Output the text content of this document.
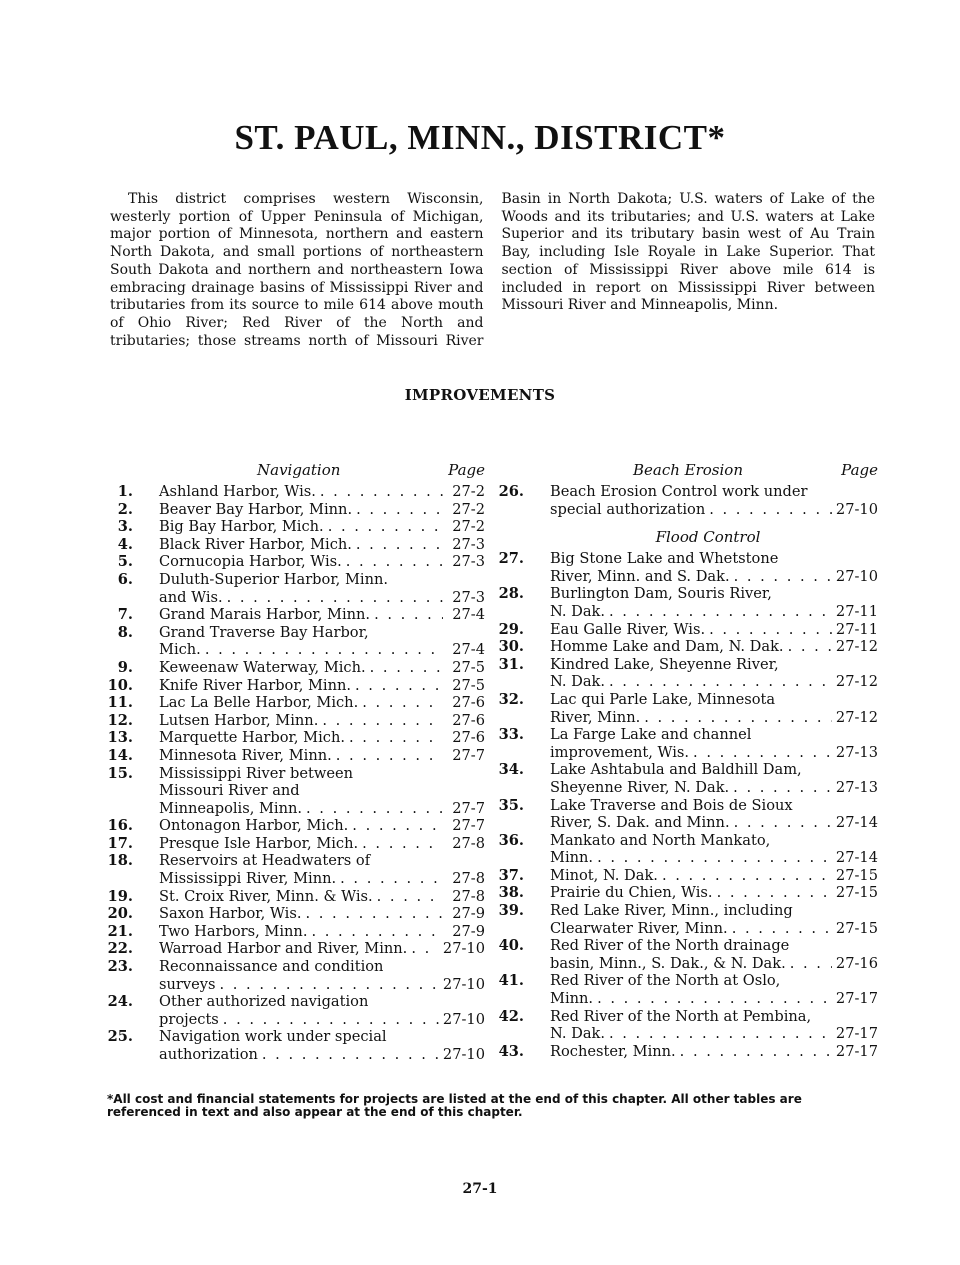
ST. PAUL, MINN., DISTRICT*

This district comprises western Wisconsin, westerly portion of Upper Peninsula of Michigan, major portion of Minnesota, northern and eastern North Dakota, and small portions of northeastern South Dakota and northern and northeastern Iowa embracing drainage basins of Mississippi River and tributaries from its source to mile 614 above mouth of Ohio River; Red River of the North and tributaries; those streams north of Missouri River Basin in North Dakota; U.S. waters of Lake of the Woods and its tributaries; and U.S. waters at Lake Superior and its tributary basin west of Au Train Bay, including Isle Royale in Lake Superior. That section of Mississippi River above mile 614 is included in report on Mississippi River between Missouri River and Minneapolis, Minn.

IMPROVEMENTS
Navigation	Page
1. Ashland Harbor, Wis. . . .	27-2
2. Beaver Bay Harbor, Minn. . . .	27-2
3. Big Bay Harbor, Mich. . . .	27-2
4. Black River Harbor, Mich. . . .	27-3
5. Cornucopia Harbor, Wis. . . .	27-3
6. Duluth-Superior Harbor, Minn.
and Wis. . . .	27-3
7. Grand Marais Harbor, Minn. . . .	27-4
8. Grand Traverse Bay Harbor,
Mich. . . .	27-4
9. Keweenaw Waterway, Mich. . . .	27-5
10. Knife River Harbor, Minn. . . .	27-5
11. Lac La Belle Harbor, Mich. . . .	27-6
12. Lutsen Harbor, Minn. . . .	27-6
13. Marquette Harbor, Mich. . . .	27-6
14. Minnesota River, Minn. . . .	27-7
15. Mississippi River between
Missouri River and
Minneapolis, Minn. . . .	27-7
16. Ontonagon Harbor, Mich. . . .	27-7
17. Presque Isle Harbor, Mich. . . .	27-8
18. Reservoirs at Headwaters of
Mississippi River, Minn. . . .	27-8
19. St. Croix River, Minn. & Wis. . . .	27-8
20. Saxon Harbor, Wis. . . .	27-9
21. Two Harbors, Minn. . . .	27-9
22. Warroad Harbor and River, Minn. . . . 27-10
23. Reconnaissance and condition
surveys . . .	27-10
24. Other authorized navigation
projects . . .	27-10
25. Navigation work under special
authorization . . .	27-10
Beach Erosion	Page
26. Beach Erosion Control work under
special authorization . . .	27-10
Flood Control
27. Big Stone Lake and Whetstone
River, Minn. and S. Dak. . . .	27-10
28. Burlington Dam, Souris River,
N. Dak. . . .	27-11
29. Eau Galle River, Wis. . . .	27-11
30. Homme Lake and Dam, N. Dak. . . .	27-12
31. Kindred Lake, Sheyenne River,
N. Dak. . . .	27-12
32. Lac qui Parle Lake, Minnesota
River, Minn. . . .	27-12
33. La Farge Lake and channel
improvement, Wis. . . .	27-13
34. Lake Ashtabula and Baldhill Dam,
Sheyenne River, N. Dak. . . .	27-13
35. Lake Traverse and Bois de Sioux
River, S. Dak. and Minn. . . .	27-14
36. Mankato and North Mankato,
Minn. . . .	27-14
37. Minot, N. Dak. . . .	27-15
38. Prairie du Chien, Wis. . . .	27-15
39. Red Lake River, Minn., including
Clearwater River, Minn. . . .	27-15
40. Red River of the North drainage
basin, Minn., S. Dak., & N. Dak. . . .	27-16
41. Red River of the North at Oslo,
Minn. . . .	27-17
42. Red River of the North at Pembina,
N. Dak. . . .	27-17
43. Rochester, Minn. . . .	27-17

*All cost and financial statements for projects are listed at the end of this chapter. All other tables are referenced in text and also appear at the end of this chapter.

27-1
